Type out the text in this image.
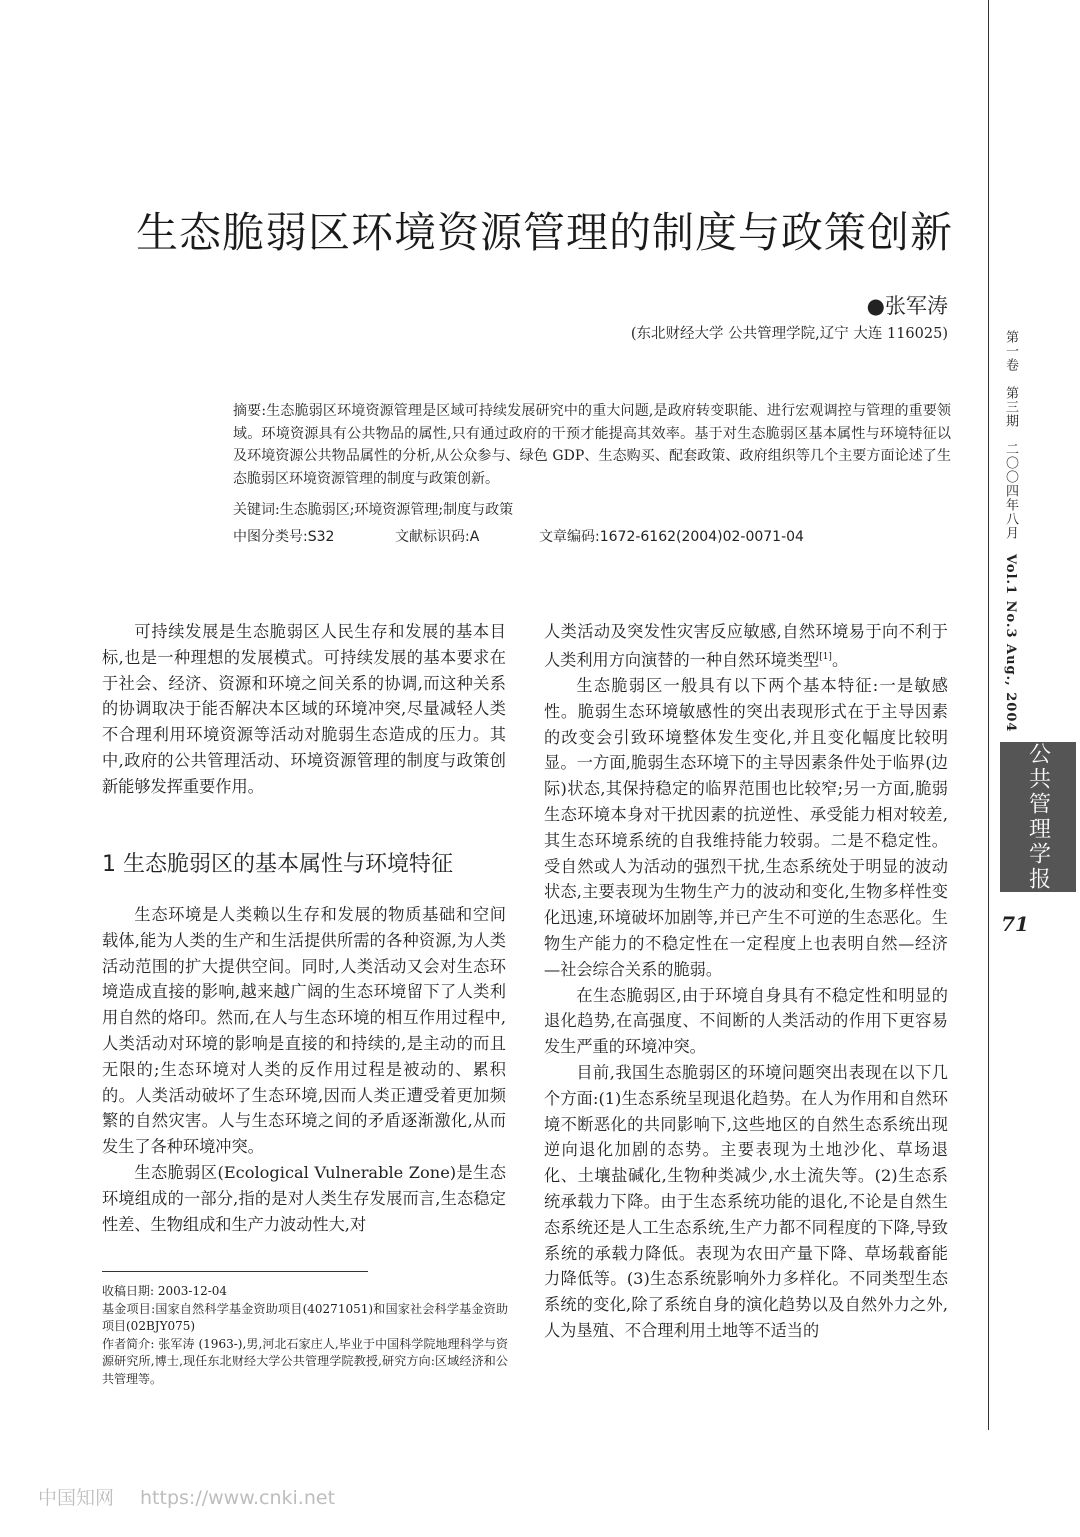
生态脆弱区环境资源管理的制度与政策创新
●张军涛
(东北财经大学 公共管理学院,辽宁 大连 116025)
摘要:生态脆弱区环境资源管理是区域可持续发展研究中的重大问题,是政府转变职能、进行宏观调控与管理的重要领域。环境资源具有公共物品的属性,只有通过政府的干预才能提高其效率。基于对生态脆弱区基本属性与环境特征以及环境资源公共物品属性的分析,从公众参与、绿色 GDP、生态购买、配套政策、政府组织等几个主要方面论述了生态脆弱区环境资源管理的制度与政策创新。
关键词:生态脆弱区;环境资源管理;制度与政策
中图分类号:S32	文献标识码:A	文章编码:1672-6162(2004)02-0071-04

可持续发展是生态脆弱区人民生存和发展的基本目标,也是一种理想的发展模式。可持续发展的基本要求在于社会、经济、资源和环境之间关系的协调,而这种关系的协调取决于能否解决本区域的环境冲突,尽量减轻人类不合理利用环境资源等活动对脆弱生态造成的压力。其中,政府的公共管理活动、环境资源管理的制度与政策创新能够发挥重要作用。

1 生态脆弱区的基本属性与环境特征

生态环境是人类赖以生存和发展的物质基础和空间载体,能为人类的生产和生活提供所需的各种资源,为人类活动范围的扩大提供空间。同时,人类活动又会对生态环境造成直接的影响,越来越广阔的生态环境留下了人类利用自然的烙印。然而,在人与生态环境的相互作用过程中,人类活动对环境的影响是直接的和持续的,是主动的而且无限的;生态环境对人类的反作用过程是被动的、累积的。人类活动破坏了生态环境,因而人类正遭受着更加频繁的自然灾害。人与生态环境之间的矛盾逐渐激化,从而发生了各种环境冲突。

生态脆弱区(Ecological Vulnerable Zone)是生态环境组成的一部分,指的是对人类生存发展而言,生态稳定性差、生物组成和生产力波动性大,对

人类活动及突发性灾害反应敏感,自然环境易于向不利于人类利用方向演替的一种自然环境类型[1]。

生态脆弱区一般具有以下两个基本特征:一是敏感性。脆弱生态环境敏感性的突出表现形式在于主导因素的改变会引致环境整体发生变化,并且变化幅度比较明显。一方面,脆弱生态环境下的主导因素条件处于临界(边际)状态,其保持稳定的临界范围也比较窄;另一方面,脆弱生态环境本身对干扰因素的抗逆性、承受能力相对较差,其生态环境系统的自我维持能力较弱。二是不稳定性。受自然或人为活动的强烈干扰,生态系统处于明显的波动状态,主要表现为生物生产力的波动和变化,生物多样性变化迅速,环境破坏加剧等,并已产生不可逆的生态恶化。生物生产能力的不稳定性在一定程度上也表明自然—经济—社会综合关系的脆弱。

在生态脆弱区,由于环境自身具有不稳定性和明显的退化趋势,在高强度、不间断的人类活动的作用下更容易发生严重的环境冲突。

目前,我国生态脆弱区的环境问题突出表现在以下几个方面:(1)生态系统呈现退化趋势。在人为作用和自然环境不断恶化的共同影响下,这些地区的自然生态系统出现逆向退化加剧的态势。主要表现为土地沙化、草场退化、土壤盐碱化,生物种类减少,水土流失等。(2)生态系统承载力下降。由于生态系统功能的退化,不论是自然生态系统还是人工生态系统,生产力都不同程度的下降,导致系统的承载力降低。表现为农田产量下降、草场载畜能力降低等。(3)生态系统影响外力多样化。不同类型生态系统的变化,除了系统自身的演化趋势以及自然外力之外,人为垦殖、不合理利用土地等不适当的

收稿日期: 2003-12-04

基金项目:国家自然科学基金资助项目(40271051)和国家社会科学基金资助项目(02BJY075)

作者简介: 张军涛 (1963-),男,河北石家庄人,毕业于中国科学院地理科学与资源研究所,博士,现任东北财经大学公共管理学院教授,研究方向:区域经济和公共管理等。

第一卷第三期二〇〇四年八月Vol.1 No.3 Aug., 2004
公共管理学报
71
中国知网 https://www.cnki.net
